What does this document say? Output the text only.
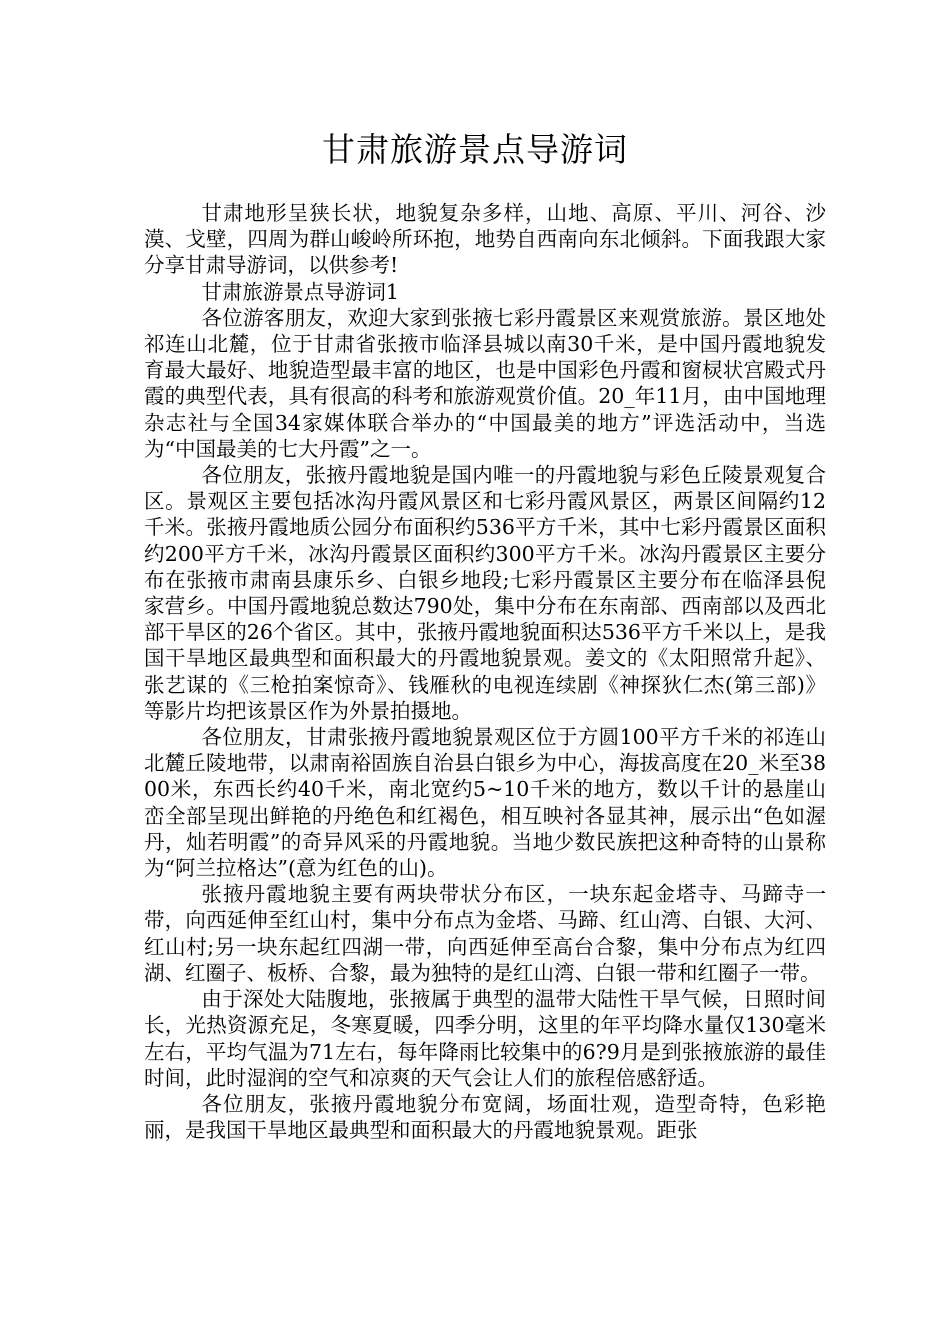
甘肃旅游景点导游词

甘肃地形呈狭长状，地貌复杂多样，山地、高原、平川、河谷、沙漠、戈壁，四周为群山峻岭所环抱，地势自西南向东北倾斜。下面我跟大家分享甘肃导游词，以供参考!

甘肃旅游景点导游词1

各位游客朋友，欢迎大家到张掖七彩丹霞景区来观赏旅游。景区地处祁连山北麓，位于甘肃省张掖市临泽县城以南30千米，是中国丹霞地貌发育最大最好、地貌造型最丰富的地区，也是中国彩色丹霞和窗棂状宫殿式丹霞的典型代表，具有很高的科考和旅游观赏价值。20_年11月，由中国地理杂志社与全国34家媒体联合举办的“中国最美的地方”评选活动中，当选为“中国最美的七大丹霞”之一。

各位朋友，张掖丹霞地貌是国内唯一的丹霞地貌与彩色丘陵景观复合区。景观区主要包括冰沟丹霞风景区和七彩丹霞风景区，两景区间隔约12千米。张掖丹霞地质公园分布面积约536平方千米，其中七彩丹霞景区面积约200平方千米，冰沟丹霞景区面积约300平方千米。冰沟丹霞景区主要分布在张掖市肃南县康乐乡、白银乡地段;七彩丹霞景区主要分布在临泽县倪家营乡。中国丹霞地貌总数达790处，集中分布在东南部、西南部以及西北部干旱区的26个省区。其中，张掖丹霞地貌面积达536平方千米以上，是我国干旱地区最典型和面积最大的丹霞地貌景观。姜文的《太阳照常升起》、张艺谋的《三枪拍案惊奇》、钱雁秋的电视连续剧《神探狄仁杰(第三部)》等影片均把该景区作为外景拍摄地。

各位朋友，甘肃张掖丹霞地貌景观区位于方圆100平方千米的祁连山北麓丘陵地带，以肃南裕固族自治县白银乡为中心，海拔高度在20_米至3800米，东西长约40千米，南北宽约5~10千米的地方，数以千计的悬崖山峦全部呈现出鲜艳的丹绝色和红褐色，相互映衬各显其神，展示出“色如渥丹，灿若明霞”的奇异风采的丹霞地貌。当地少数民族把这种奇特的山景称为“阿兰拉格达”(意为红色的山)。

张掖丹霞地貌主要有两块带状分布区，一块东起金塔寺、马蹄寺一带，向西延伸至红山村，集中分布点为金塔、马蹄、红山湾、白银、大河、红山村;另一块东起红四湖一带，向西延伸至高台合黎，集中分布点为红四湖、红圈子、板桥、合黎，最为独特的是红山湾、白银一带和红圈子一带。

由于深处大陆腹地，张掖属于典型的温带大陆性干旱气候，日照时间长，光热资源充足，冬寒夏暖，四季分明，这里的年平均降水量仅130毫米左右，平均气温为71左右，每年降雨比较集中的6?9月是到张掖旅游的最佳时间，此时湿润的空气和凉爽的天气会让人们的旅程倍感舒适。

各位朋友，张掖丹霞地貌分布宽阔，场面壮观，造型奇特，色彩艳丽，是我国干旱地区最典型和面积最大的丹霞地貌景观。距张
